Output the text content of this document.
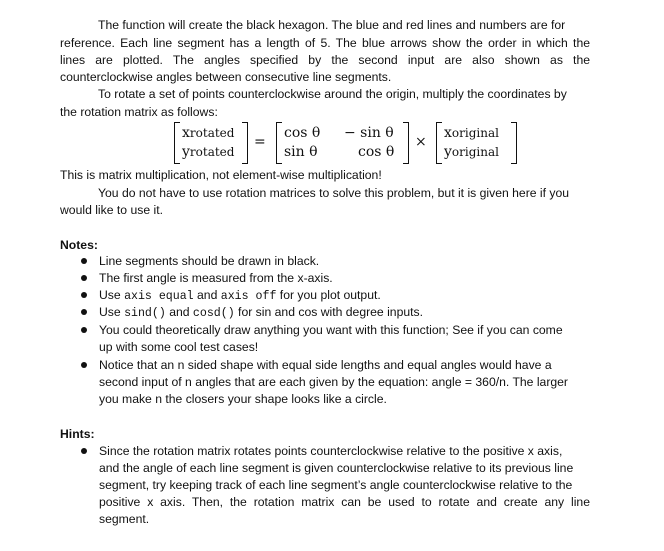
The function will create the black hexagon. The blue and red lines and numbers are for
reference. Each line segment has a length of 5. The blue arrows show the order in which the
lines are plotted. The angles specified by the second input are also shown as the
counterclockwise angles between consecutive line segments.
To rotate a set of points counterclockwise around the origin, multiply the coordinates by
the rotation matrix as follows:
xrotated
yrotated
=
cos θ − sin θ
sin θ	cos θ
×
xoriginal
yoriginal
This is matrix multiplication, not element-wise multiplication!
You do not have to use rotation matrices to solve this problem, but it is given here if you
would like to use it.
Notes:
Line segments should be drawn in black.
The first angle is measured from the x-axis.
Use axis equal and axis off for you plot output.
Use sind() and cosd() for sin and cos with degree inputs.
You could theoretically draw anything you want with this function; See if you can come
up with some cool test cases!
Notice that an n sided shape with equal side lengths and equal angles would have a
second input of n angles that are each given by the equation: angle = 360/n. The larger
you make n the closers your shape looks like a circle.
Hints:
Since the rotation matrix rotates points counterclockwise relative to the positive x axis,
and the angle of each line segment is given counterclockwise relative to its previous line
segment, try keeping track of each line segment’s angle counterclockwise relative to the
positive x axis. Then, the rotation matrix can be used to rotate and create any line
segment.
